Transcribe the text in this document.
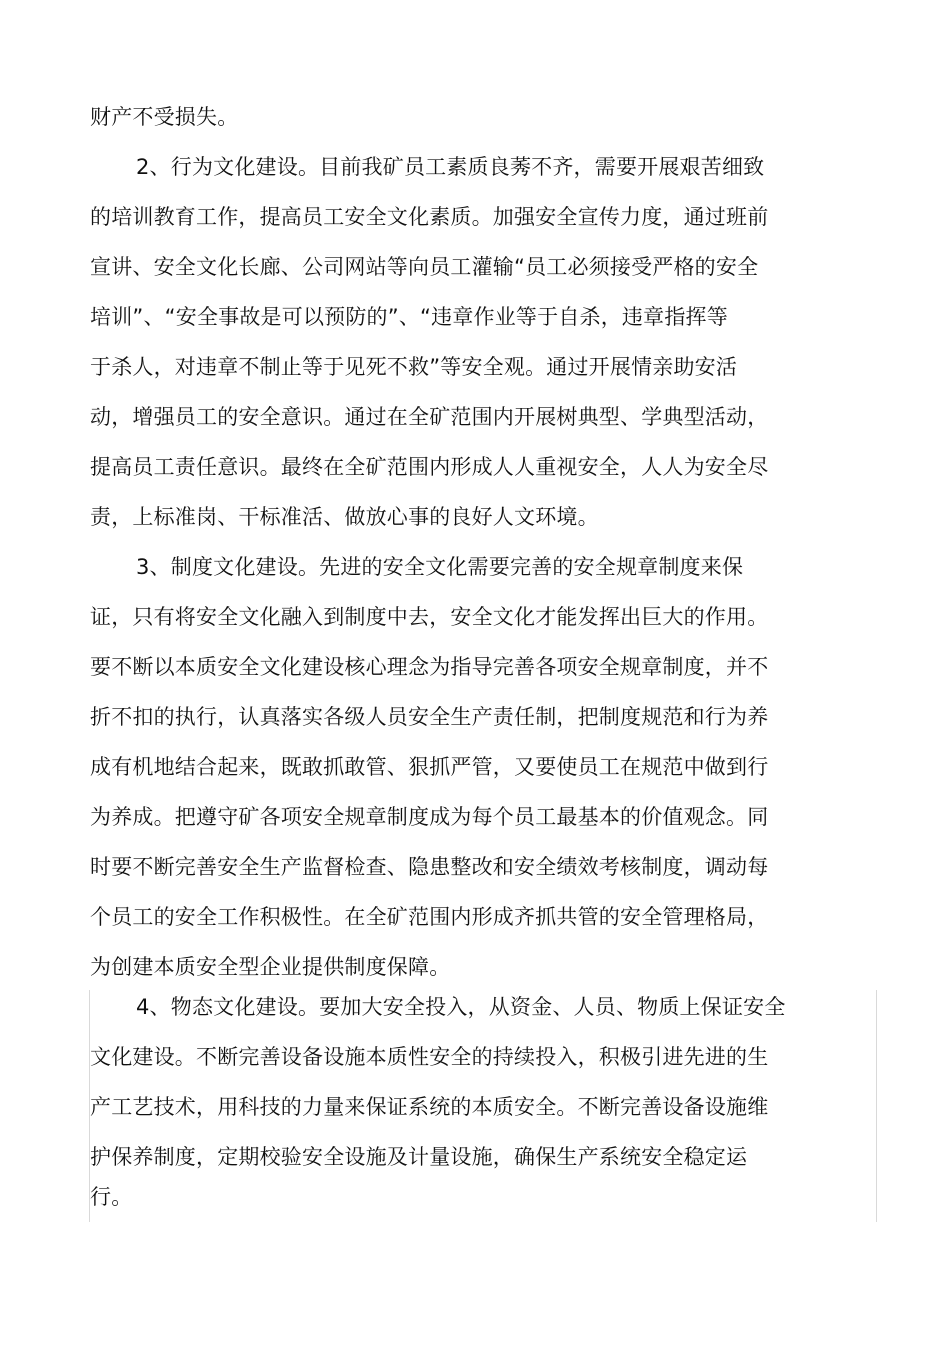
财产不受损失。
2、行为文化建设。目前我矿员工素质良莠不齐，需要开展艰苦细致
的培训教育工作，提高员工安全文化素质。加强安全宣传力度，通过班前
宣讲、安全文化长廊、公司网站等向员工灌输“员工必须接受严格的安全
培训”、“安全事故是可以预防的”、“违章作业等于自杀，违章指挥等
于杀人，对违章不制止等于见死不救”等安全观。通过开展情亲助安活
动，增强员工的安全意识。通过在全矿范围内开展树典型、学典型活动，
提高员工责任意识。最终在全矿范围内形成人人重视安全，人人为安全尽
责，上标准岗、干标准活、做放心事的良好人文环境。
3、制度文化建设。先进的安全文化需要完善的安全规章制度来保
证，只有将安全文化融入到制度中去，安全文化才能发挥出巨大的作用。
要不断以本质安全文化建设核心理念为指导完善各项安全规章制度，并不
折不扣的执行，认真落实各级人员安全生产责任制，把制度规范和行为养
成有机地结合起来，既敢抓敢管、狠抓严管，又要使员工在规范中做到行
为养成。把遵守矿各项安全规章制度成为每个员工最基本的价值观念。同
时要不断完善安全生产监督检查、隐患整改和安全绩效考核制度，调动每
个员工的安全工作积极性。在全矿范围内形成齐抓共管的安全管理格局，
为创建本质安全型企业提供制度保障。
4、物态文化建设。要加大安全投入，从资金、人员、物质上保证安全
文化建设。不断完善设备设施本质性安全的持续投入，积极引进先进的生
产工艺技术，用科技的力量来保证系统的本质安全。不断完善设备设施维
护保养制度，定期校验安全设施及计量设施，确保生产系统安全稳定运
行。
